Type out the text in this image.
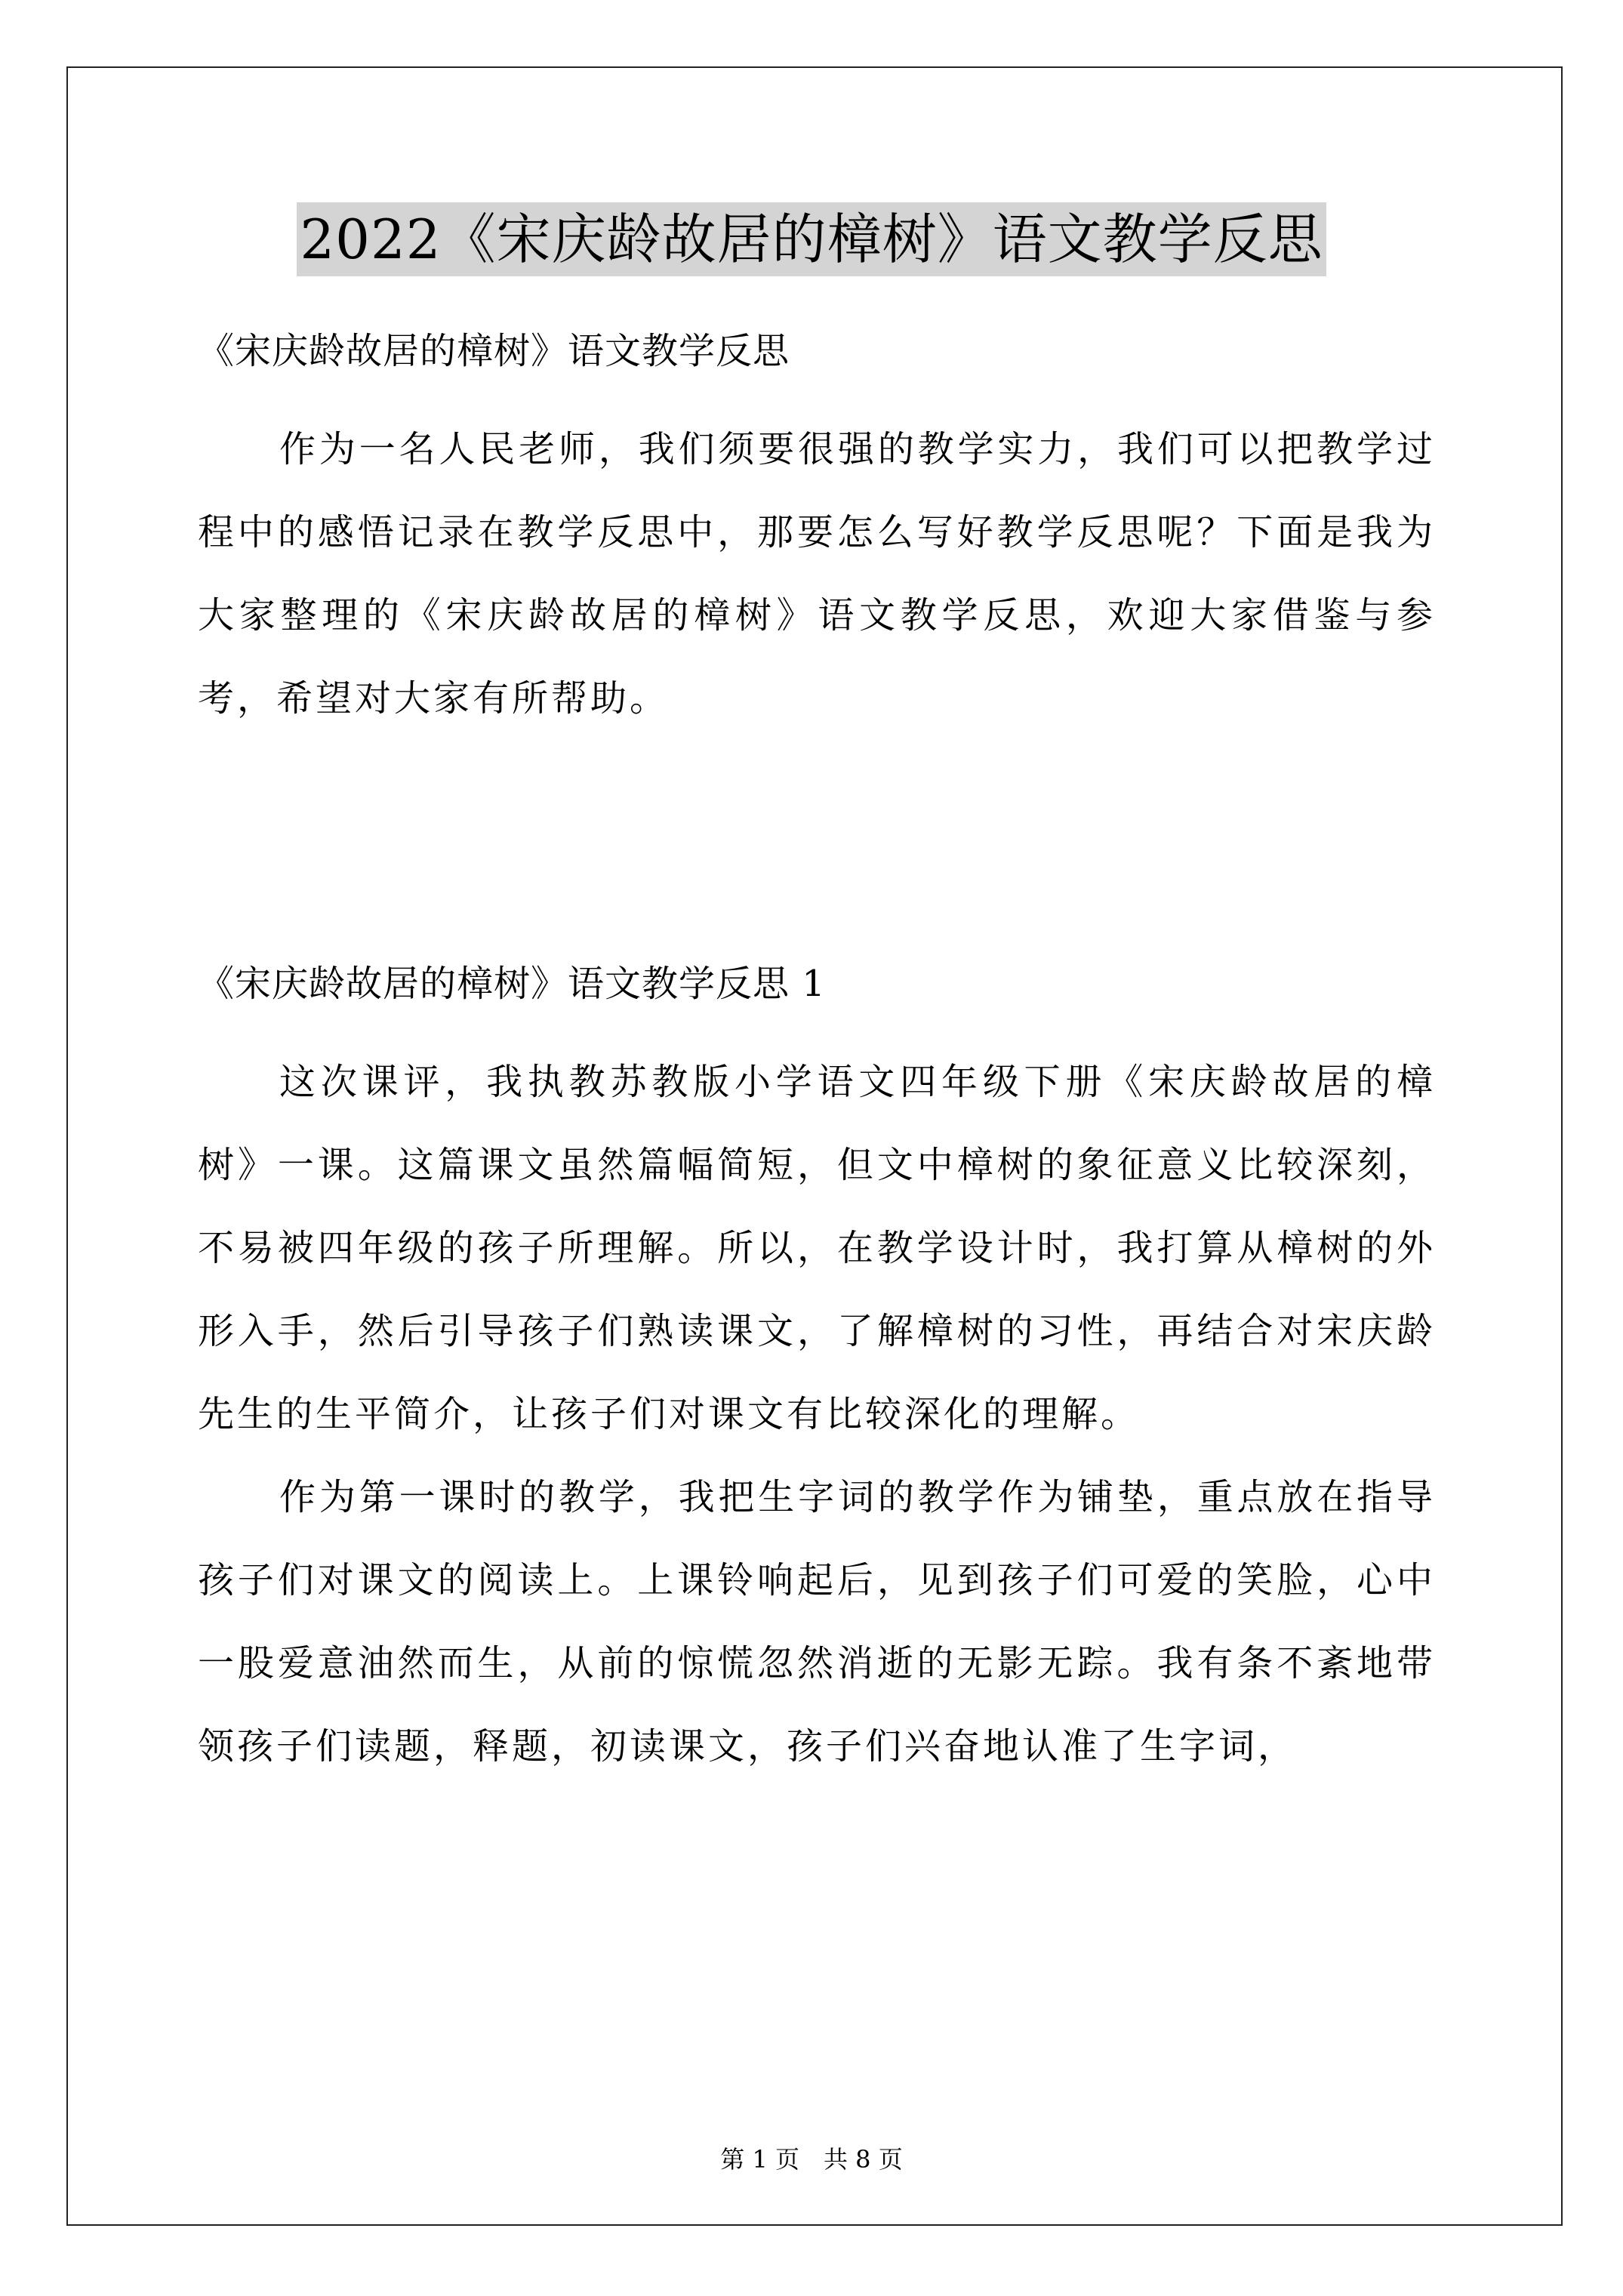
2022《宋庆龄故居的樟树》语文教学反思

《宋庆龄故居的樟树》语文教学反思

作为一名人民老师，我们须要很强的教学实力，我们可以把教学过程中的感悟记录在教学反思中，那要怎么写好教学反思呢？下面是我为大家整理的《宋庆龄故居的樟树》语文教学反思，欢迎大家借鉴与参考，希望对大家有所帮助。

《宋庆龄故居的樟树》语文教学反思 1

这次课评，我执教苏教版小学语文四年级下册《宋庆龄故居的樟树》一课。这篇课文虽然篇幅简短，但文中樟树的象征意义比较深刻，不易被四年级的孩子所理解。所以，在教学设计时，我打算从樟树的外形入手，然后引导孩子们熟读课文，了解樟树的习性，再结合对宋庆龄先生的生平简介，让孩子们对课文有比较深化的理解。

作为第一课时的教学，我把生字词的教学作为铺垫，重点放在指导孩子们对课文的阅读上。上课铃响起后，见到孩子们可爱的笑脸，心中一股爱意油然而生，从前的惊慌忽然消逝的无影无踪。我有条不紊地带领孩子们读题，释题，初读课文，孩子们兴奋地认准了生字词，

第 1 页 共 8 页
